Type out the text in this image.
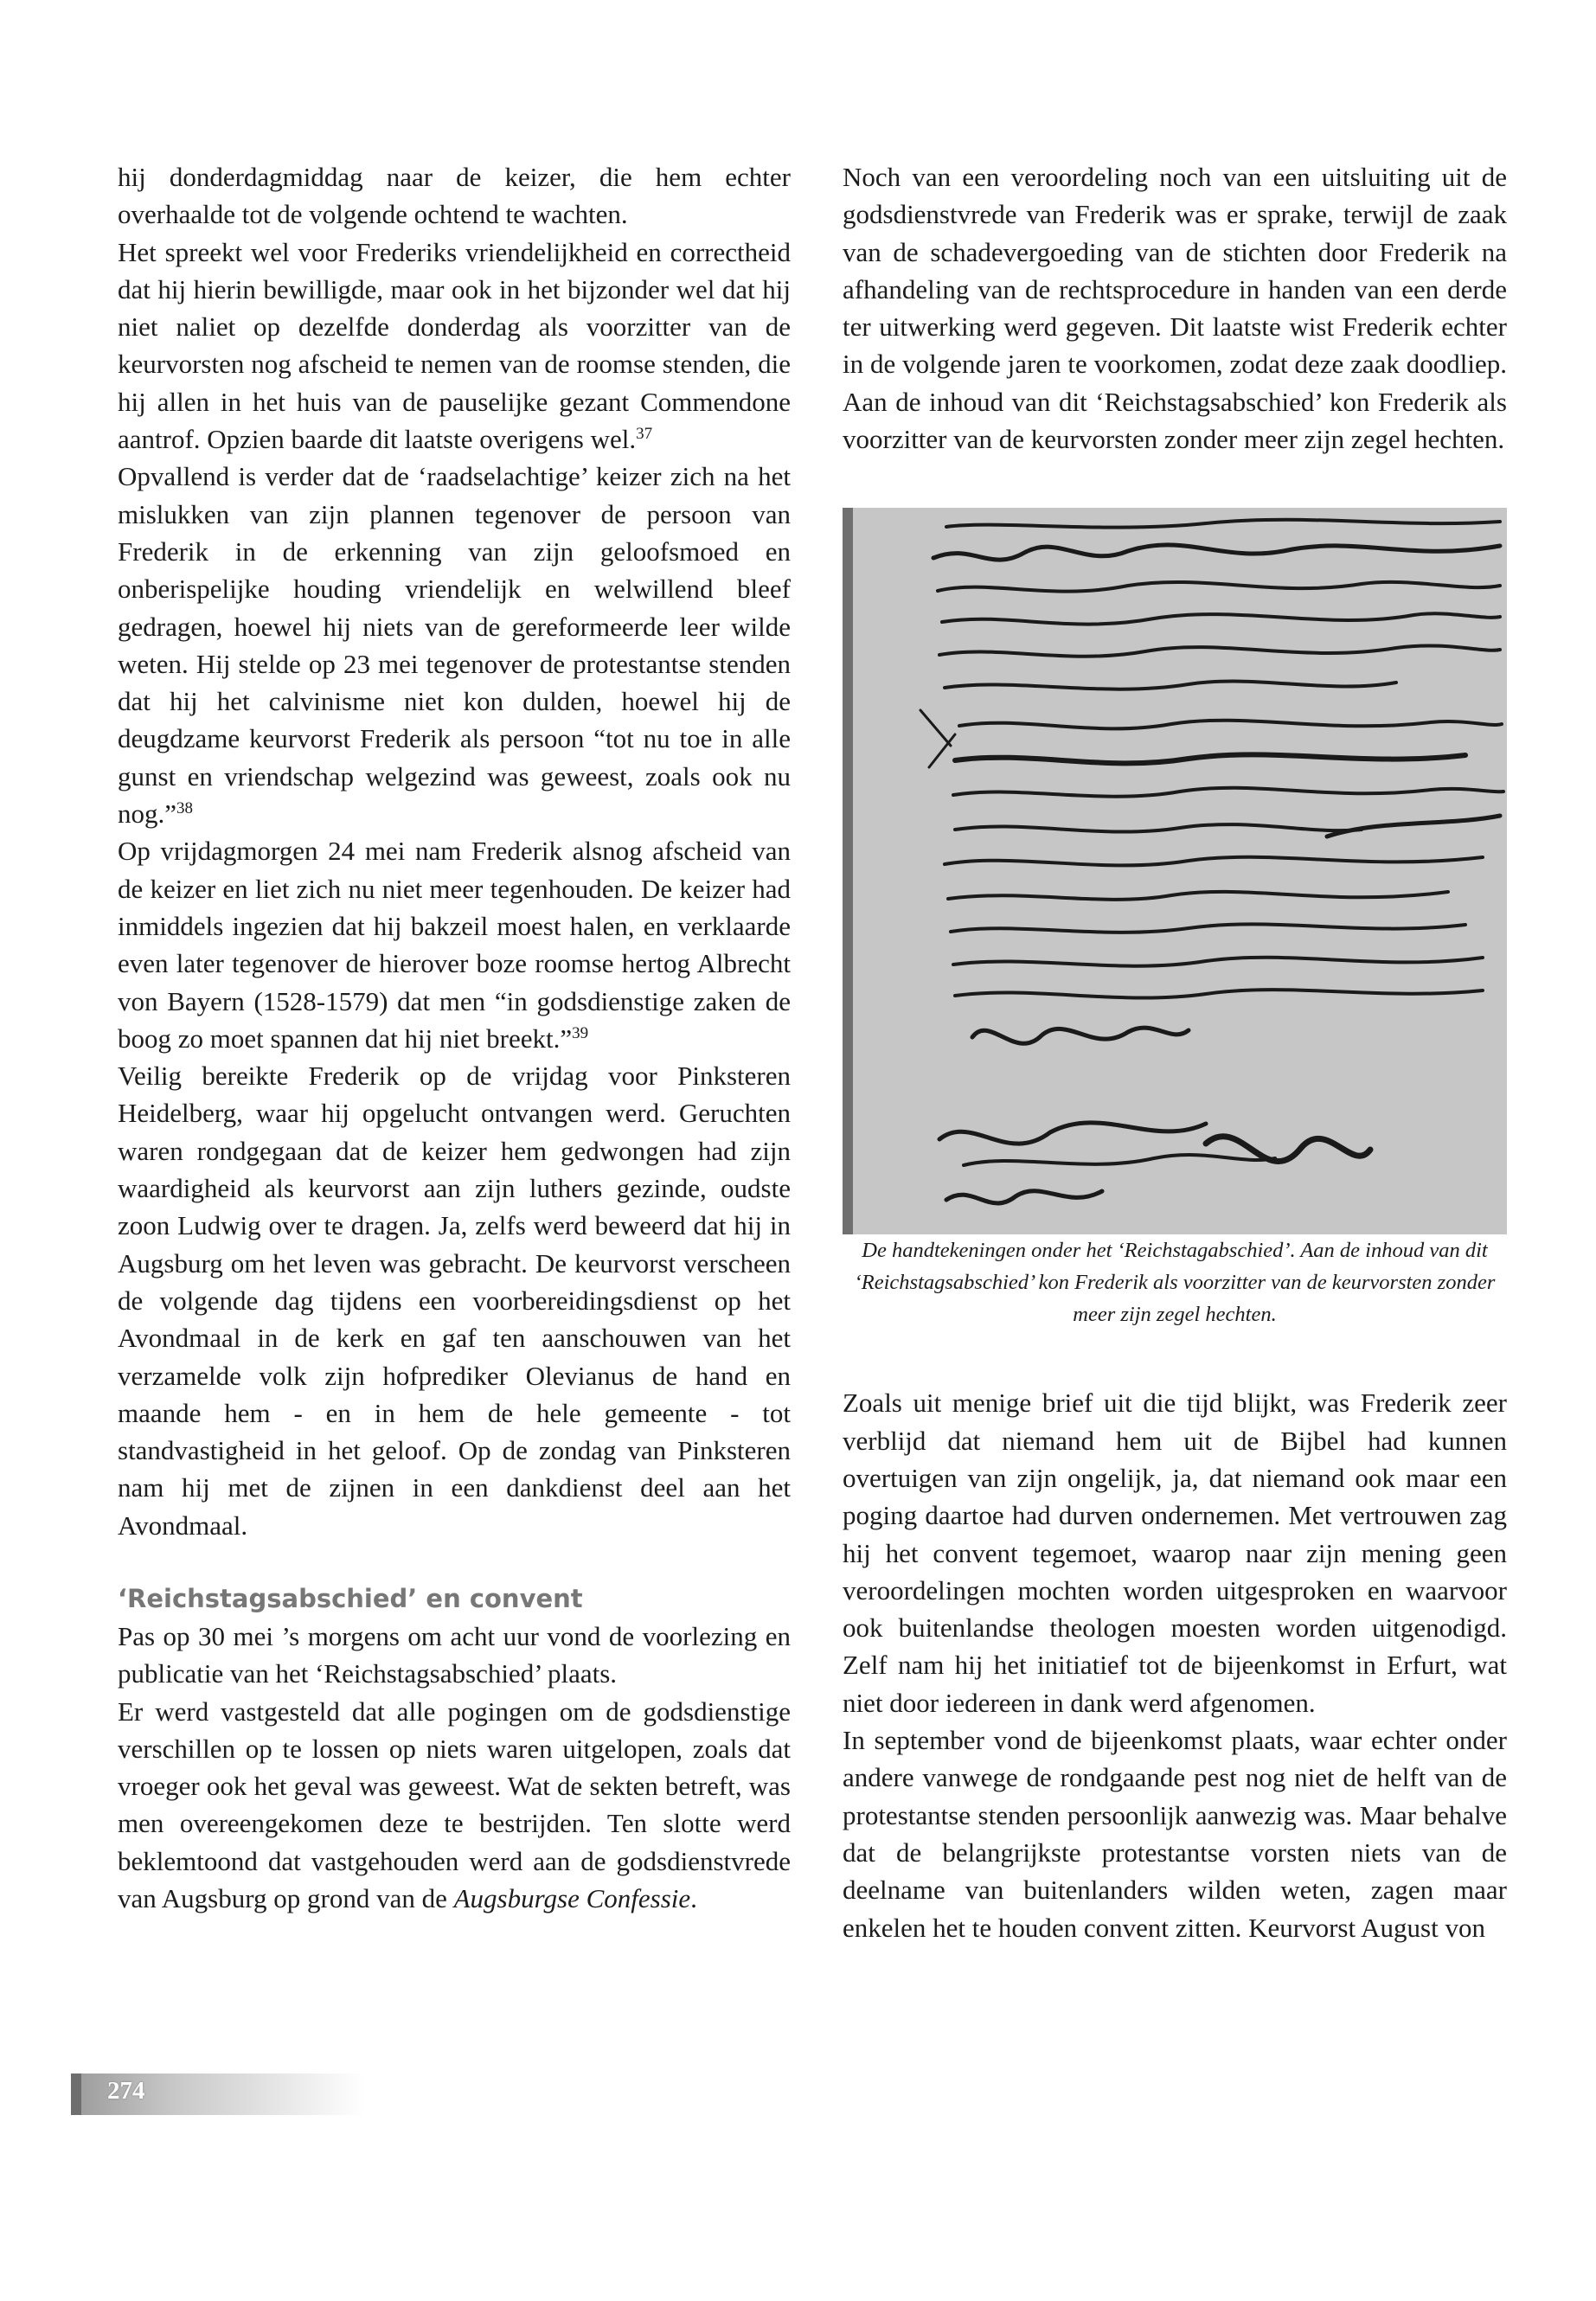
hij donderdagmiddag naar de keizer, die hem echter overhaalde tot de volgende ochtend te wachten.

Het spreekt wel voor Frederiks vriendelijkheid en correctheid dat hij hierin bewilligde, maar ook in het bijzonder wel dat hij niet naliet op dezelfde donderdag als voorzitter van de keurvorsten nog afscheid te nemen van de roomse stenden, die hij allen in het huis van de pauselijke gezant Commendone aantrof. Opzien baarde dit laatste overigens wel.$^{37}$

Opvallend is verder dat de ‘raadselachtige’ keizer zich na het mislukken van zijn plannen tegenover de persoon van Frederik in de erkenning van zijn geloofsmoed en onberispelijke houding vriendelijk en welwillend bleef gedragen, hoewel hij niets van de gereformeerde leer wilde weten. Hij stelde op 23 mei tegenover de protestantse stenden dat hij het calvinisme niet kon dulden, hoewel hij de deugdzame keurvorst Frederik als persoon “tot nu toe in alle gunst en vriendschap welgezind was geweest, zoals ook nu nog.”$^{38}$

Op vrijdagmorgen 24 mei nam Frederik alsnog afscheid van de keizer en liet zich nu niet meer tegenhouden. De keizer had inmiddels ingezien dat hij bakzeil moest halen, en verklaarde even later tegenover de hierover boze roomse hertog Albrecht von Bayern (1528-1579) dat men “in godsdienstige zaken de boog zo moet spannen dat hij niet breekt.”$^{39}$

Veilig bereikte Frederik op de vrijdag voor Pinksteren Heidelberg, waar hij opgelucht ontvangen werd. Geruchten waren rondgegaan dat de keizer hem gedwongen had zijn waardigheid als keurvorst aan zijn luthers gezinde, oudste zoon Ludwig over te dragen. Ja, zelfs werd beweerd dat hij in Augsburg om het leven was gebracht. De keurvorst verscheen de volgende dag tijdens een voorbereidingsdienst op het Avondmaal in de kerk en gaf ten aanschouwen van het verzamelde volk zijn hofprediker Olevianus de hand en maande hem - en in hem de hele gemeente - tot standvastigheid in het geloof. Op de zondag van Pinksteren nam hij met de zijnen in een dankdienst deel aan het Avondmaal.

‘Reichstagsabschied’ en convent

Pas op 30 mei ’s morgens om acht uur vond de voorlezing en publicatie van het ‘Reichstagsabschied’ plaats.

Er werd vastgesteld dat alle pogingen om de godsdienstige verschillen op te lossen op niets waren uitgelopen, zoals dat vroeger ook het geval was geweest. Wat de sekten betreft, was men overeengekomen deze te bestrijden. Ten slotte werd beklemtoond dat vastgehouden werd aan de godsdienstvrede van Augsburg op grond van de Augsburgse Confessie.

Noch van een veroordeling noch van een uitsluiting uit de godsdienstvrede van Frederik was er sprake, terwijl de zaak van de schadevergoeding van de stichten door Frederik na afhandeling van de rechtsprocedure in handen van een derde ter uitwerking werd gegeven. Dit laatste wist Frederik echter in de volgende jaren te voorkomen, zodat deze zaak doodliep. Aan de inhoud van dit ‘Reichstagsabschied’ kon Frederik als voorzitter van de keurvorsten zonder meer zijn zegel hechten.

De handtekeningen onder het ‘Reichstagabschied’. Aan de inhoud van dit ‘Reichstagsabschied’ kon Frederik als voorzitter van de keurvorsten zonder meer zijn zegel hechten.

Zoals uit menige brief uit die tijd blijkt, was Frederik zeer verblijd dat niemand hem uit de Bijbel had kunnen overtuigen van zijn ongelijk, ja, dat niemand ook maar een poging daartoe had durven ondernemen. Met vertrouwen zag hij het convent tegemoet, waarop naar zijn mening geen veroordelingen mochten worden uitgesproken en waarvoor ook buitenlandse theologen moesten worden uitgenodigd. Zelf nam hij het initiatief tot de bijeenkomst in Erfurt, wat niet door iedereen in dank werd afgenomen.

In september vond de bijeenkomst plaats, waar echter onder andere vanwege de rondgaande pest nog niet de helft van de protestantse stenden persoonlijk aanwezig was. Maar behalve dat de belangrijkste protestantse vorsten niets van de deelname van buitenlanders wilden weten, zagen maar enkelen het te houden convent zitten. Keurvorst August von

274
